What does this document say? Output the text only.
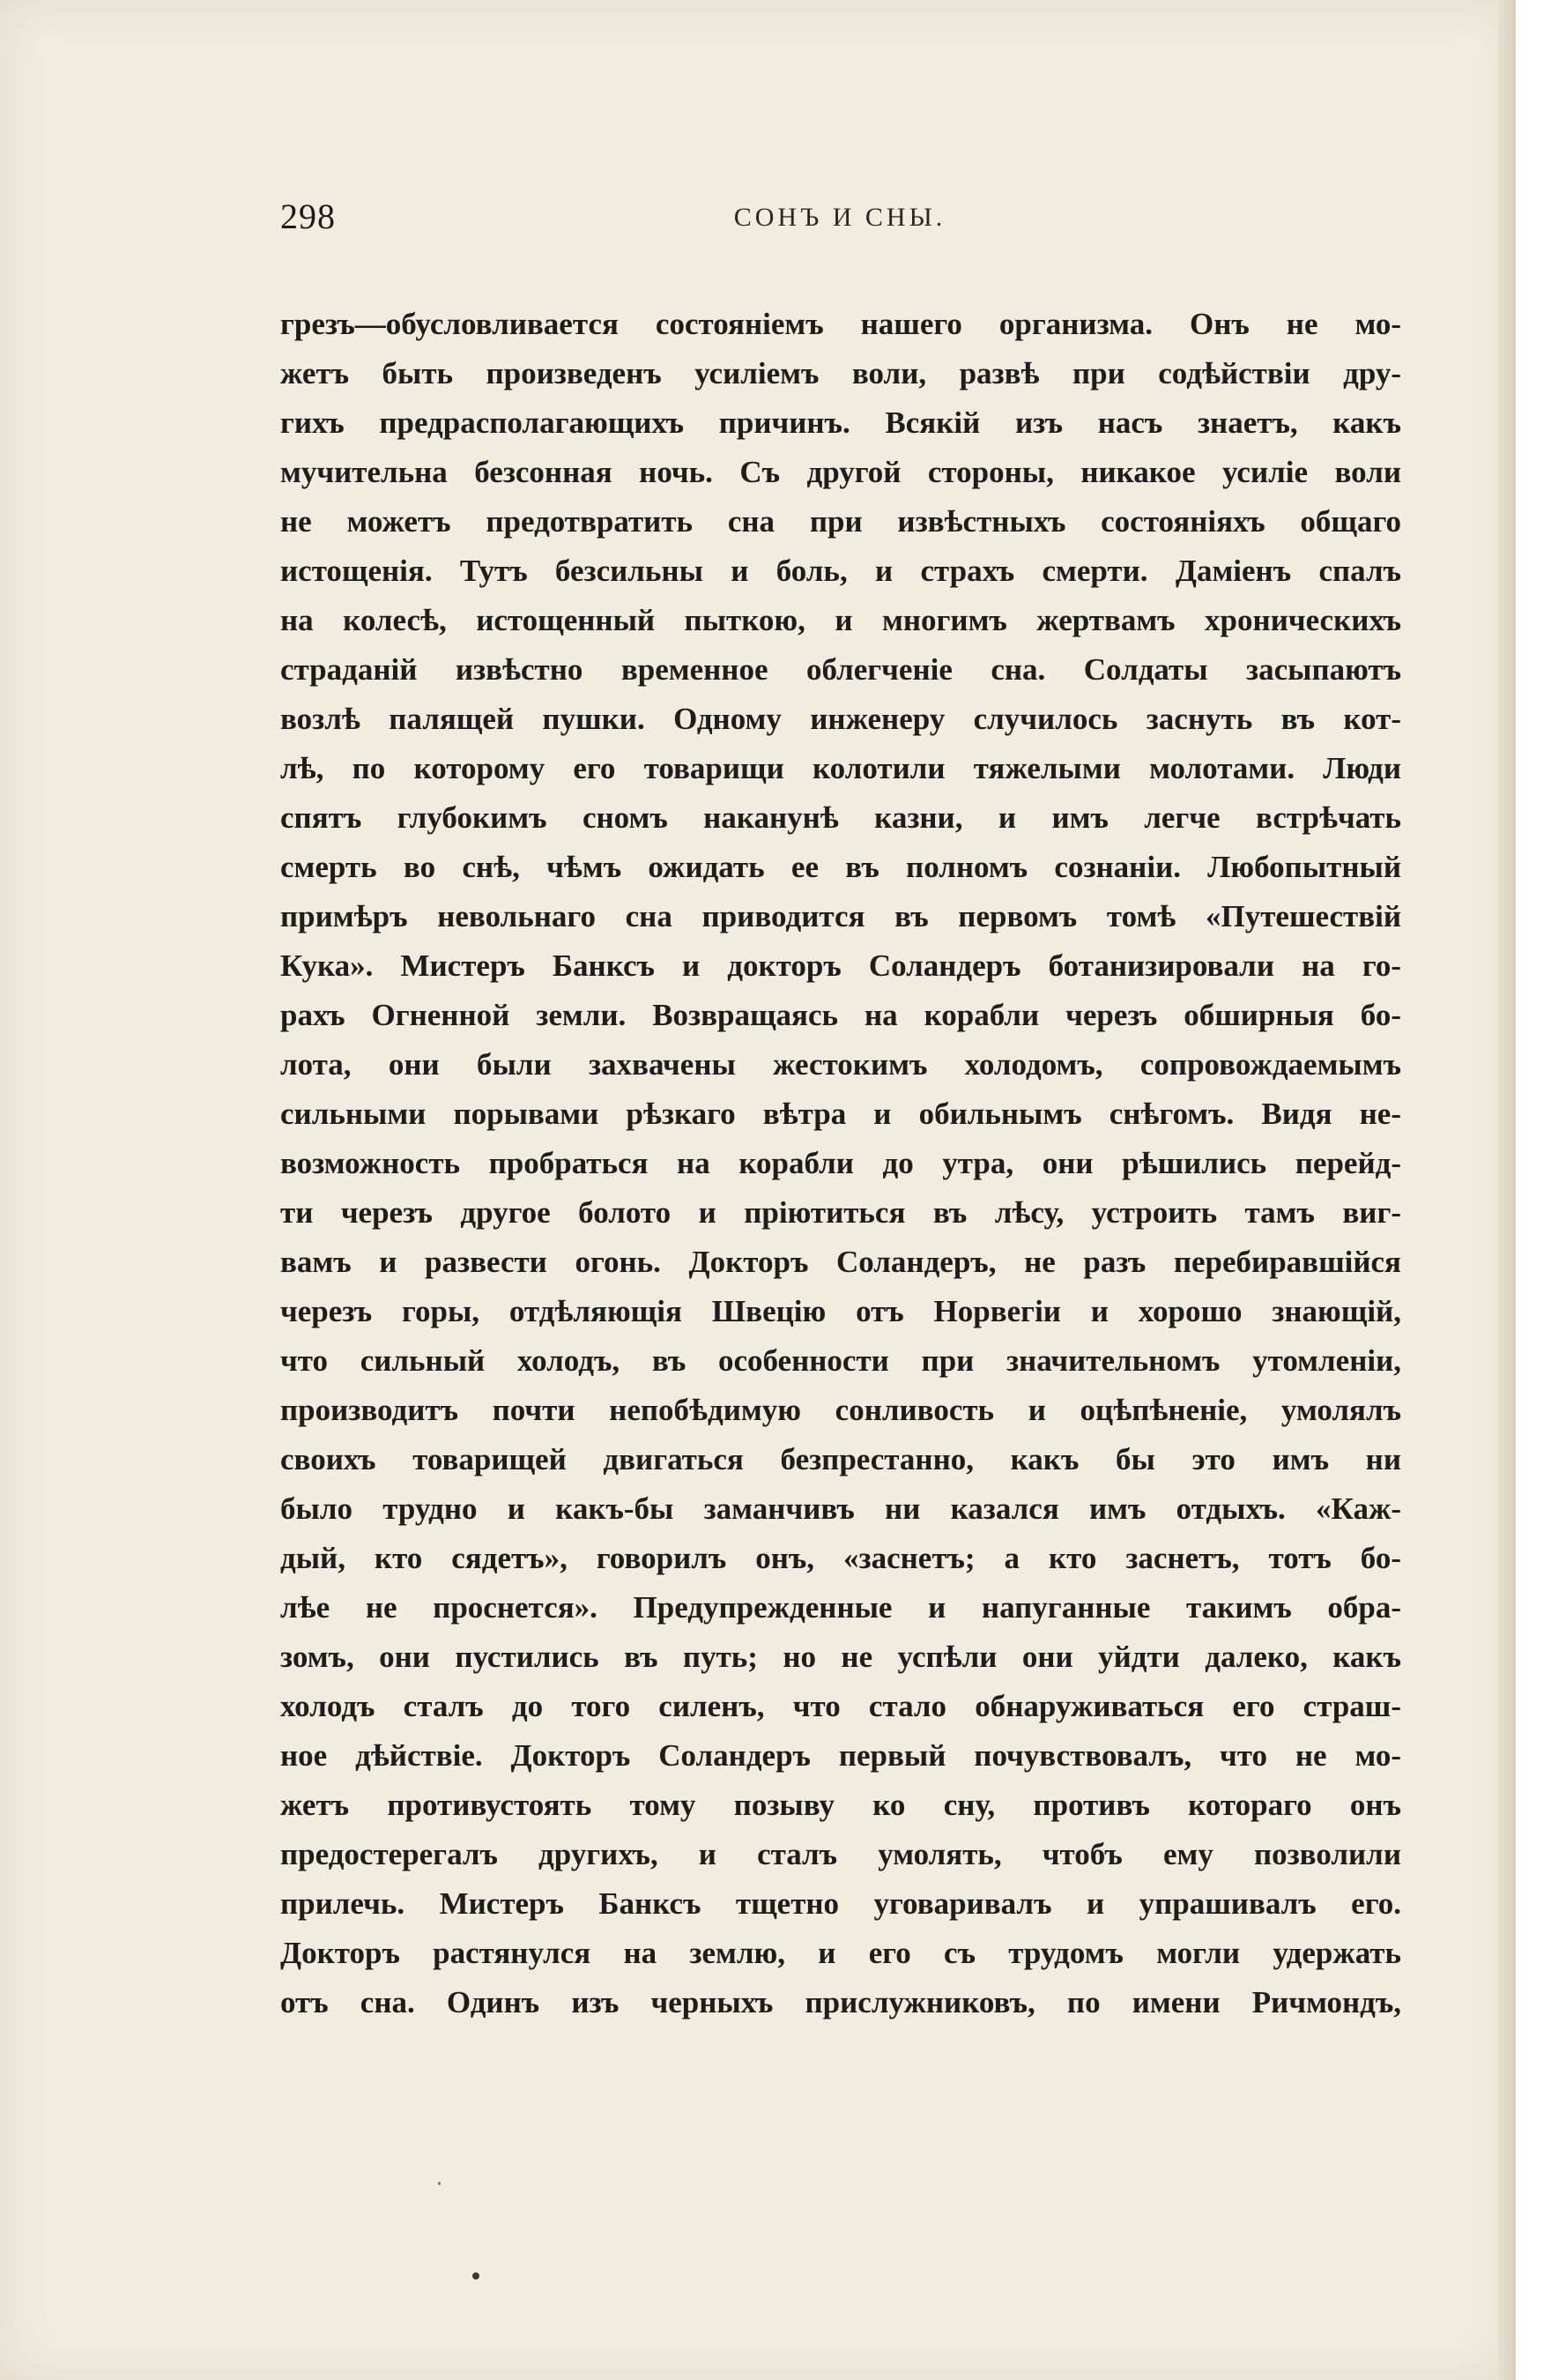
298	СОНЪ И СНЫ.
грезъ—обусловливается состояніемъ нашего организма. Онъ не мо-
жетъ быть произведенъ усиліемъ воли, развѣ при содѣйствіи дру-
гихъ предрасполагающихъ причинъ. Всякій изъ насъ знаетъ, какъ
мучительна безсонная ночь. Съ другой стороны, никакое усиліе воли
не можетъ предотвратить сна при извѣстныхъ состояніяхъ общаго
истощенія. Тутъ безсильны и боль, и страхъ смерти. Даміенъ спалъ
на колесѣ, истощенный пыткою, и многимъ жертвамъ хроническихъ
страданій извѣстно временное облегченіе сна. Солдаты засыпаютъ
возлѣ палящей пушки. Одному инженеру случилось заснуть въ кот-
лѣ, по которому его товарищи колотили тяжелыми молотами. Люди
спятъ глубокимъ сномъ наканунѣ казни, и имъ легче встрѣчать
смерть во снѣ, чѣмъ ожидать ее въ полномъ сознаніи. Любопытный
примѣръ невольнаго сна приводится въ первомъ томѣ «Путешествій
Кука». Мистеръ Банксъ и докторъ Соландеръ ботанизировали на го-
рахъ Огненной земли. Возвращаясь на корабли черезъ обширныя бо-
лота, они были захвачены жестокимъ холодомъ, сопровождаемымъ
сильными порывами рѣзкаго вѣтра и обильнымъ снѣгомъ. Видя не-
возможность пробраться на корабли до утра, они рѣшились перейд-
ти черезъ другое болото и пріютиться въ лѣсу, устроить тамъ виг-
вамъ и развести огонь. Докторъ Соландеръ, не разъ перебиравшійся
черезъ горы, отдѣляющія Швецію отъ Норвегіи и хорошо знающій,
что сильный холодъ, въ особенности при значительномъ утомленіи,
производитъ почти непобѣдимую сонливость и оцѣпѣненіе, умолялъ
своихъ товарищей двигаться безпрестанно, какъ бы это имъ ни
было трудно и какъ-бы заманчивъ ни казался имъ отдыхъ. «Каж-
дый, кто сядетъ», говорилъ онъ, «заснетъ; а кто заснетъ, тотъ бо-
лѣе не проснется». Предупрежденные и напуганные такимъ обра-
зомъ, они пустились въ путь; но не успѣли они уйдти далеко, какъ
холодъ сталъ до того силенъ, что стало обнаруживаться его страш-
ное дѣйствіе. Докторъ Соландеръ первый почувствовалъ, что не мо-
жетъ противустоять тому позыву ко сну, противъ котораго онъ
предостерегалъ другихъ, и сталъ умолять, чтобъ ему позволили
прилечь. Мистеръ Банксъ тщетно уговаривалъ и упрашивалъ его.
Докторъ растянулся на землю, и его съ трудомъ могли удержать
отъ сна. Одинъ изъ черныхъ прислужниковъ, по имени Ричмондъ,
